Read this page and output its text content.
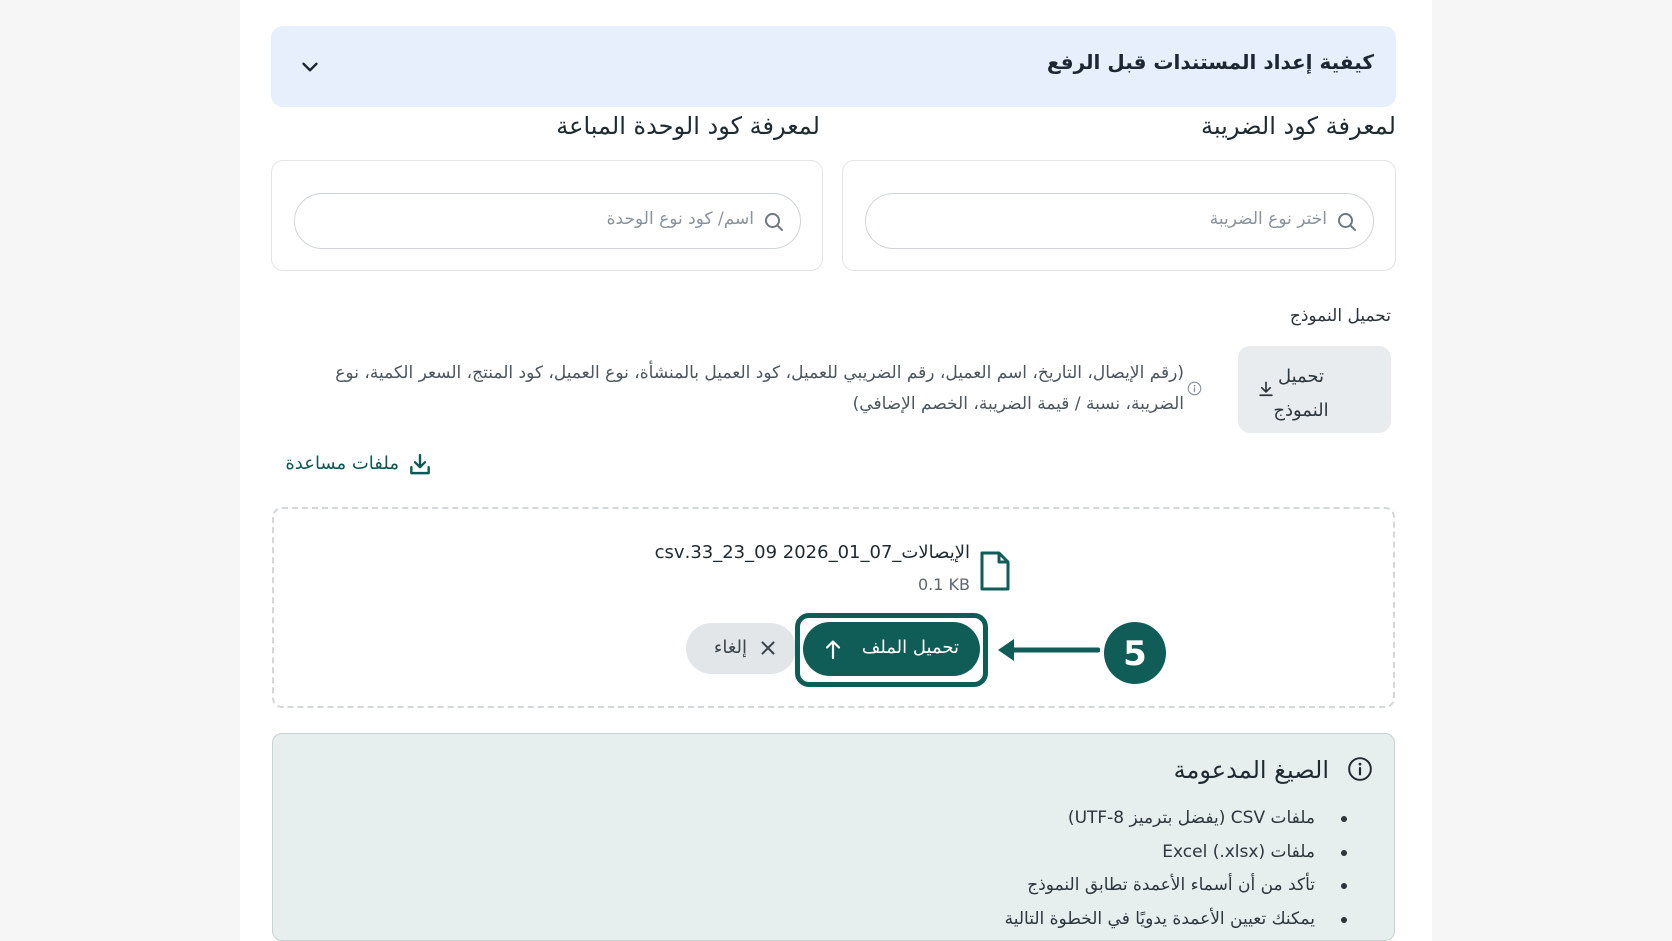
كيفية إعداد المستندات قبل الرفع
لمعرفة كود الضريبة
لمعرفة كود الوحدة المباعة
اختر نوع الضريبة
اسم/ كود نوع الوحدة
تحميل النموذج
تحميل النموذج
(رقم الإيصال، التاريخ، اسم العميل، رقم الضريبي للعميل، كود العميل بالمنشأة، نوع العميل، كود المنتج، السعر الكمية، نوع الضريبة، نسبة / قيمة الضريبة، الخصم الإضافي)
ملفات مساعدة
الإيصالات_07_01_2026 09_23_33.csv
0.1 KB
إلغاء	تحميل الملف	5
الصيغ المدعومة
ملفات CSV (يفضل بترميز UTF-8)
ملفات Excel (.xlsx)
تأكد من أن أسماء الأعمدة تطابق النموذج
يمكنك تعيين الأعمدة يدويًا في الخطوة التالية
